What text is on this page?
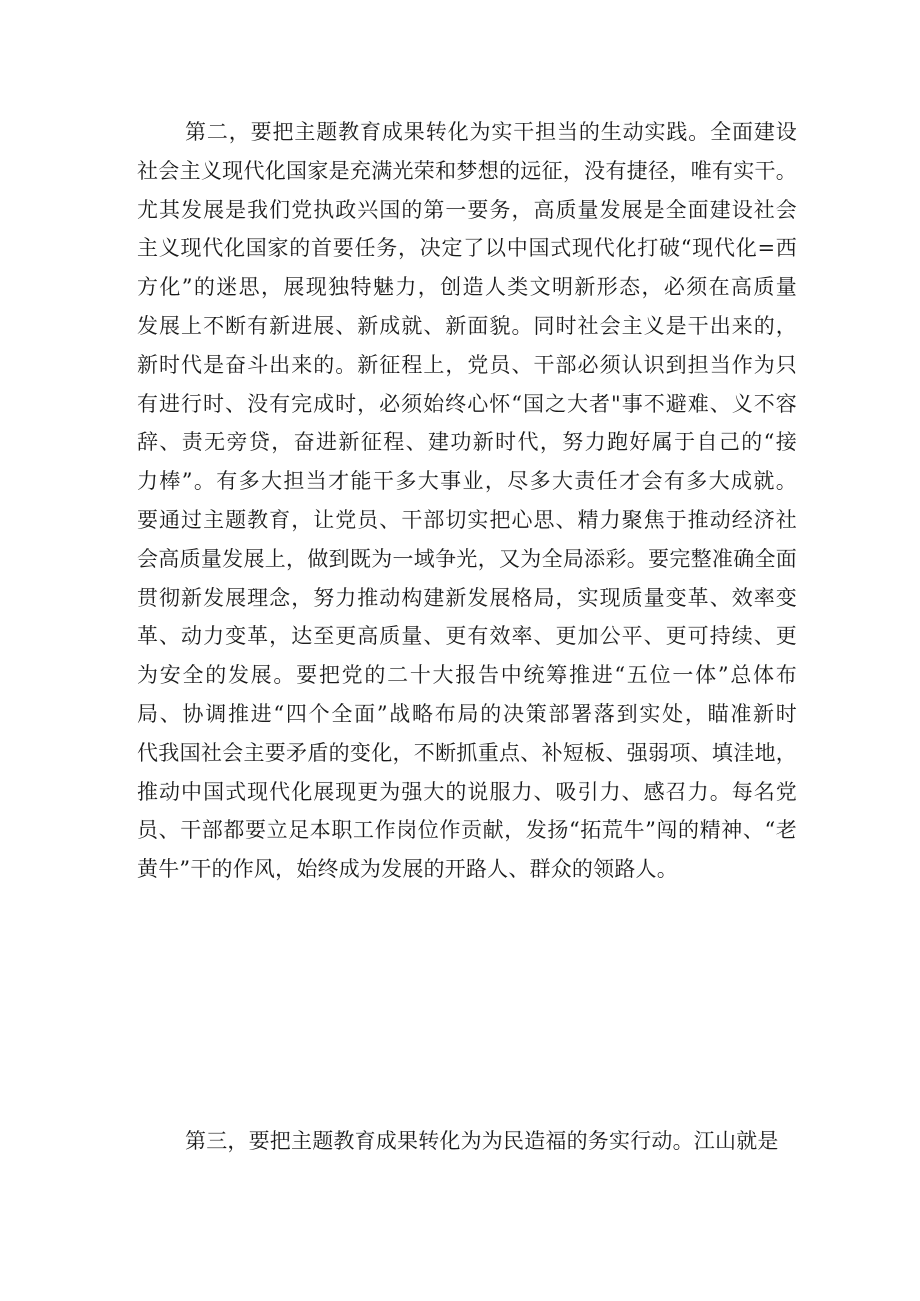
第二，要把主题教育成果转化为实干担当的生动实践。全面建设
社会主义现代化国家是充满光荣和梦想的远征，没有捷径，唯有实干。
尤其发展是我们党执政兴国的第一要务，高质量发展是全面建设社会
主义现代化国家的首要任务，决定了以中国式现代化打破“现代化=西
方化”的迷思，展现独特魅力，创造人类文明新形态，必须在高质量
发展上不断有新进展、新成就、新面貌。同时社会主义是干出来的，
新时代是奋斗出来的。新征程上，党员、干部必须认识到担当作为只
有进行时、没有完成时，必须始终心怀“国之大者"事不避难、义不容
辞、责无旁贷，奋进新征程、建功新时代，努力跑好属于自己的“接
力棒”。有多大担当才能干多大事业，尽多大责任才会有多大成就。
要通过主题教育，让党员、干部切实把心思、精力聚焦于推动经济社
会高质量发展上，做到既为一域争光，又为全局添彩。要完整准确全面
贯彻新发展理念，努力推动构建新发展格局，实现质量变革、效率变
革、动力变革，达至更高质量、更有效率、更加公平、更可持续、更
为安全的发展。要把党的二十大报告中统筹推进“五位一体”总体布
局、协调推进“四个全面”战略布局的决策部署落到实处，瞄准新时
代我国社会主要矛盾的变化，不断抓重点、补短板、强弱项、填洼地，
推动中国式现代化展现更为强大的说服力、吸引力、感召力。每名党
员、干部都要立足本职工作岗位作贡献，发扬“拓荒牛”闯的精神、“老
黄牛”干的作风，始终成为发展的开路人、群众的领路人。
第三，要把主题教育成果转化为为民造福的务实行动。江山就是
